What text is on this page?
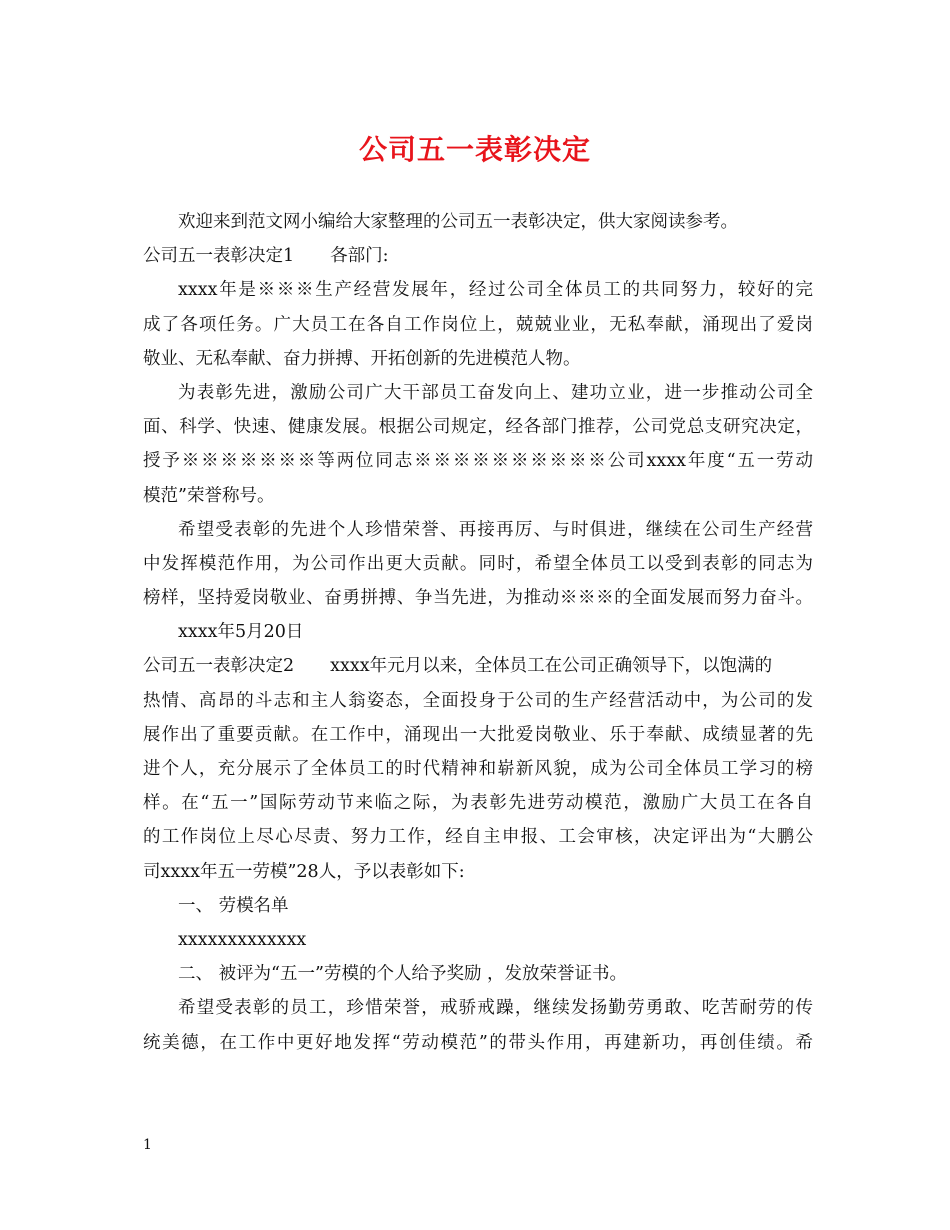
公司五一表彰决定
欢迎来到范文网小编给大家整理的公司五一表彰决定，供大家阅读参考。
公司五一表彰决定1 各部门:
xxxx年是※※※生产经营发展年，经过公司全体员工的共同努力，较好的完
成了各项任务。广大员工在各自工作岗位上，兢兢业业，无私奉献，涌现出了爱岗
敬业、无私奉献、奋力拼搏、开拓创新的先进模范人物。
为表彰先进，激励公司广大干部员工奋发向上、建功立业，进一步推动公司全
面、科学、快速、健康发展。根据公司规定，经各部门推荐，公司党总支研究决定，
授予※※※※※※※等两位同志※※※※※※※※※※公司xxxx年度“五一劳动
模范”荣誉称号。
希望受表彰的先进个人珍惜荣誉、再接再厉、与时俱进，继续在公司生产经营
中发挥模范作用，为公司作出更大贡献。同时，希望全体员工以受到表彰的同志为
榜样，坚持爱岗敬业、奋勇拼搏、争当先进，为推动※※※的全面发展而努力奋斗。
xxxx年5月20日
公司五一表彰决定2 xxxx年元月以来，全体员工在公司正确领导下，以饱满的
热情、高昂的斗志和主人翁姿态，全面投身于公司的生产经营活动中，为公司的发
展作出了重要贡献。在工作中，涌现出一大批爱岗敬业、乐于奉献、成绩显著的先
进个人，充分展示了全体员工的时代精神和崭新风貌，成为公司全体员工学习的榜
样。在“五一”国际劳动节来临之际，为表彰先进劳动模范，激励广大员工在各自
的工作岗位上尽心尽责、努力工作，经自主申报、工会审核，决定评出为“大鹏公
司xxxx年五一劳模”28人，予以表彰如下:
一、 劳模名单
xxxxxxxxxxxxx
二、 被评为“五一”劳模的个人给予奖励 ，发放荣誉证书。
希望受表彰的员工，珍惜荣誉，戒骄戒躁，继续发扬勤劳勇敢、吃苦耐劳的传
统美德，在工作中更好地发挥“劳动模范”的带头作用，再建新功，再创佳绩。希
1
